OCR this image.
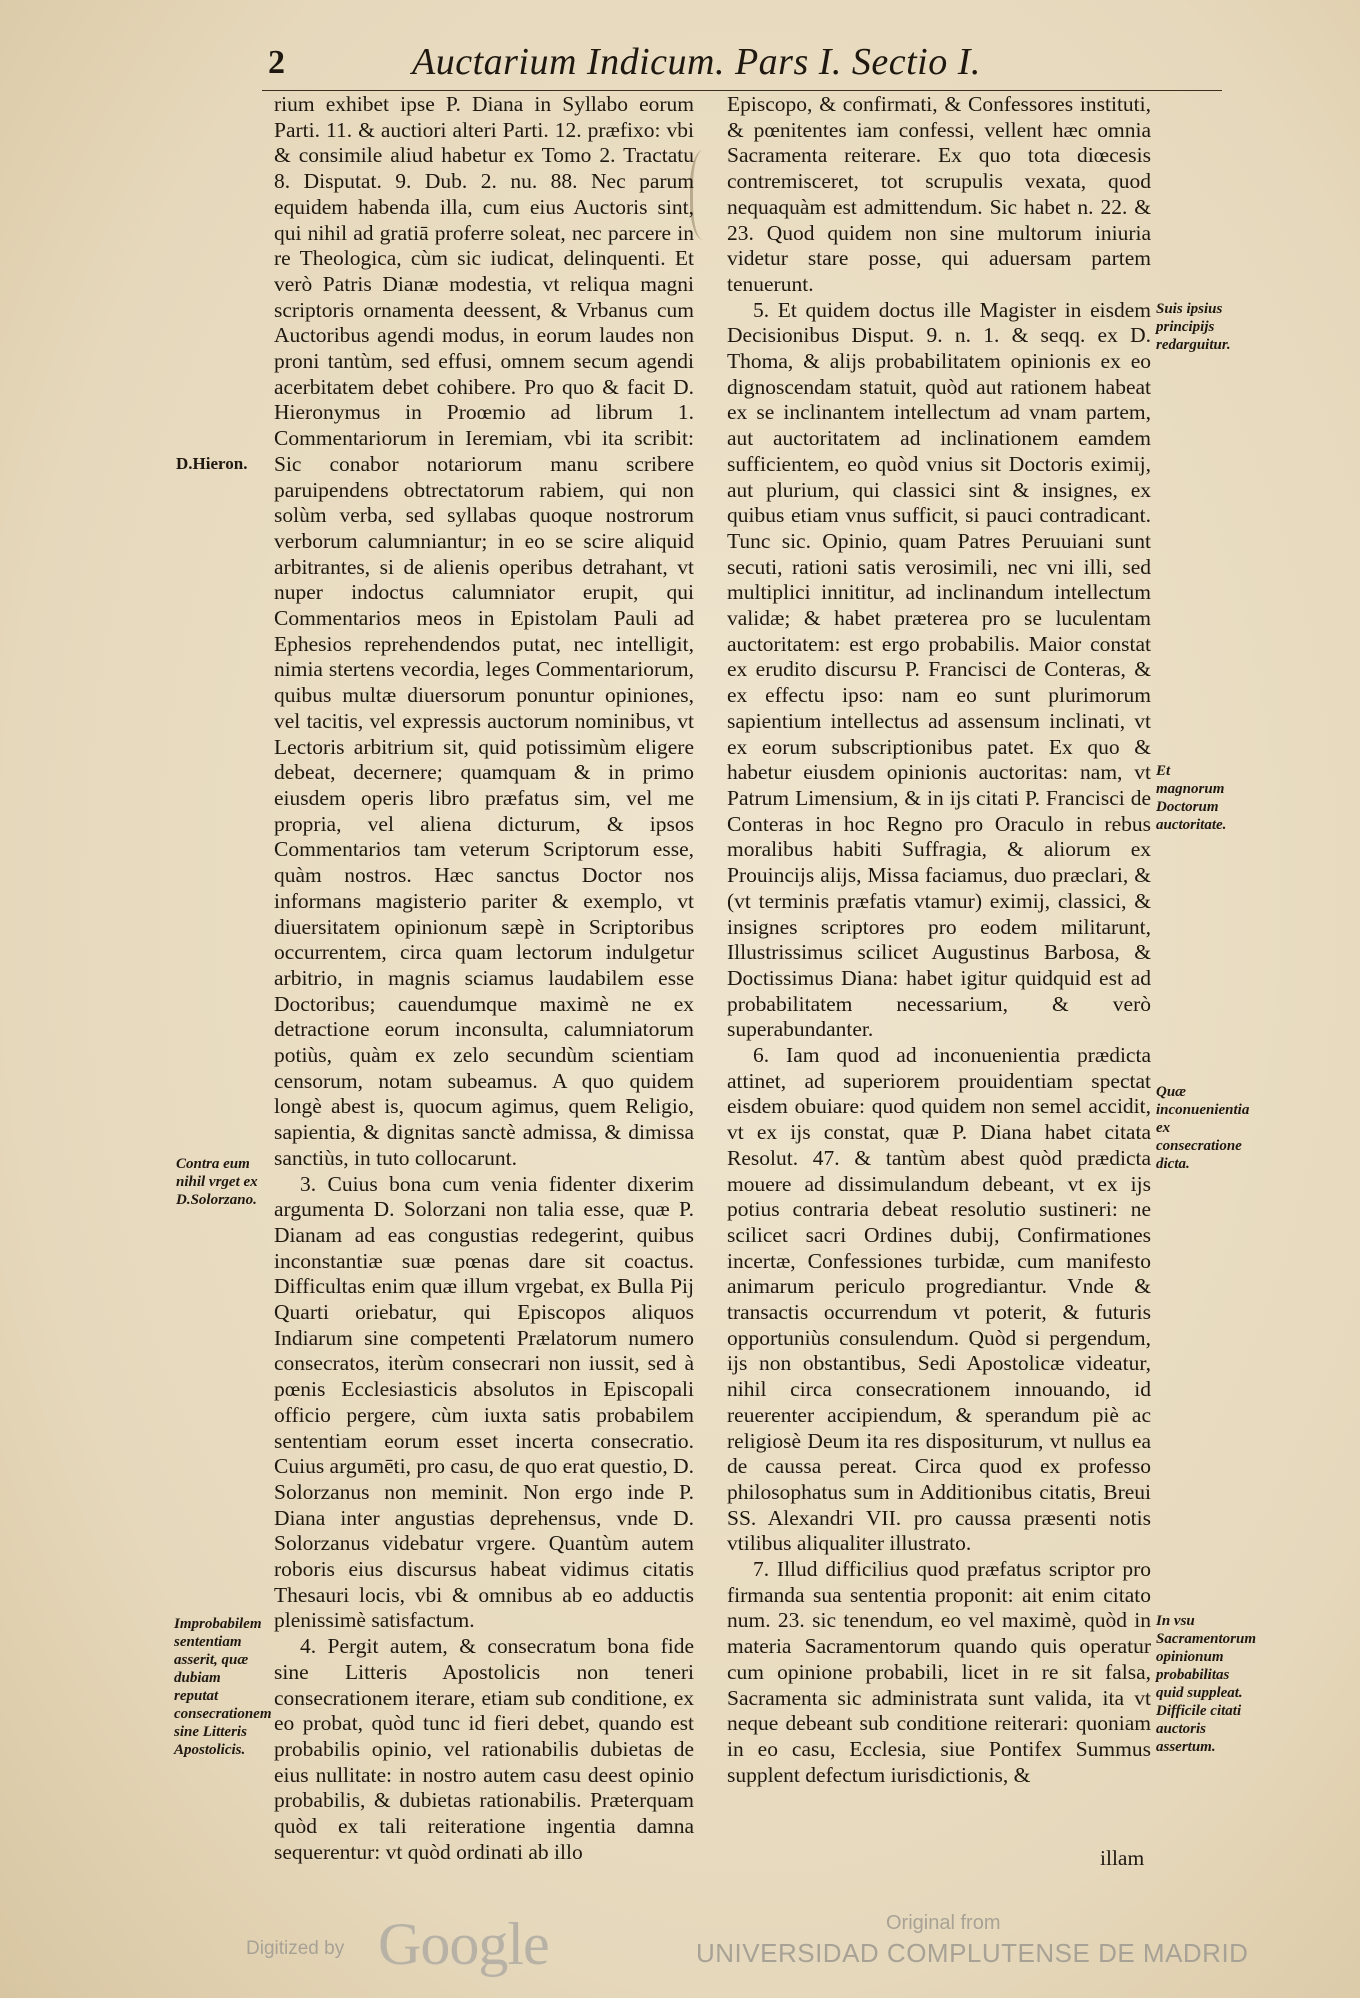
2	Auctarium Indicum. Pars I. Sectio I.

rium exhibet ipse P. Diana in Syllabo eorum Parti. 11. & auctiori alteri Parti. 12. præfixo: vbi & consimile aliud habetur ex Tomo 2. Tractatu 8. Disputat. 9. Dub. 2. nu. 88. Nec parum equidem habenda illa, cum eius Auctoris sint, qui nihil ad gratiā proferre soleat, nec parcere in re Theologica, cùm sic iudicat, delinquenti. Et verò Patris Dianæ modestia, vt reliqua magni scriptoris ornamenta deessent, & Vrbanus cum Auctoribus agendi modus, in eorum laudes non proni tantùm, sed effusi, omnem secum agendi acerbitatem debet cohibere. Pro quo & facit D. Hieronymus in Proœmio ad librum 1. Commentariorum in Ieremiam, vbi ita scribit: Sic conabor notariorum manu scribere paruipendens obtrectatorum rabiem, qui non solùm verba, sed syllabas quoque nostrorum verborum calumniantur; in eo se scire aliquid arbitrantes, si de alienis operibus detrahant, vt nuper indoctus calumniator erupit, qui Commentarios meos in Epistolam Pauli ad Ephesios reprehendendos putat, nec intelligit, nimia stertens vecordia, leges Commentariorum, quibus multæ diuersorum ponuntur opiniones, vel tacitis, vel expressis auctorum nominibus, vt Lectoris arbitrium sit, quid potissimùm eligere debeat, decernere; quamquam & in primo eiusdem operis libro præfatus sim, vel me propria, vel aliena dicturum, & ipsos Commentarios tam veterum Scriptorum esse, quàm nostros. Hæc sanctus Doctor nos informans magisterio pariter & exemplo, vt diuersitatem opinionum sæpè in Scriptoribus occurrentem, circa quam lectorum indulgetur arbitrio, in magnis sciamus laudabilem esse Doctoribus; cauendumque maximè ne ex detractione eorum inconsulta, calumniatorum potiùs, quàm ex zelo secundùm scientiam censorum, notam subeamus. A quo quidem longè abest is, quocum agimus, quem Religio, sapientia, & dignitas sanctè admissa, & dimissa sanctiùs, in tuto collocarunt.

3. Cuius bona cum venia fidenter dixerim argumenta D. Solorzani non talia esse, quæ P. Dianam ad eas congustias redegerint, quibus inconstantiæ suæ pœnas dare sit coactus. Difficultas enim quæ illum vrgebat, ex Bulla Pij Quarti oriebatur, qui Episcopos aliquos Indiarum sine competenti Prælatorum numero consecratos, iterùm consecrari non iussit, sed à pœnis Ecclesiasticis absolutos in Episcopali officio pergere, cùm iuxta satis probabilem sententiam eorum esset incerta consecratio. Cuius argumēti, pro casu, de quo erat questio, D. Solorzanus non meminit. Non ergo inde P. Diana inter angustias deprehensus, vnde D. Solorzanus videbatur vrgere. Quantùm autem roboris eius discursus habeat vidimus citatis Thesauri locis, vbi & omnibus ab eo adductis plenissimè satisfactum.

4. Pergit autem, & consecratum bona fide sine Litteris Apostolicis non teneri consecrationem iterare, etiam sub conditione, ex eo probat, quòd tunc id fieri debet, quando est probabilis opinio, vel rationabilis dubietas de eius nullitate: in nostro autem casu deest opinio probabilis, & dubietas rationabilis. Præterquam quòd ex tali reiteratione ingentia damna sequerentur: vt quòd ordinati ab illo

Episcopo, & confirmati, & Confessores instituti, & pœnitentes iam confessi, vellent hæc omnia Sacramenta reiterare. Ex quo tota diœcesis contremisceret, tot scrupulis vexata, quod nequaquàm est admittendum. Sic habet n. 22. & 23. Quod quidem non sine multorum iniuria videtur stare posse, qui aduersam partem tenuerunt.

5. Et quidem doctus ille Magister in eisdem Decisionibus Disput. 9. n. 1. & seqq. ex D. Thoma, & alijs probabilitatem opinionis ex eo dignoscendam statuit, quòd aut rationem habeat ex se inclinantem intellectum ad vnam partem, aut auctoritatem ad inclinationem eamdem sufficientem, eo quòd vnius sit Doctoris eximij, aut plurium, qui classici sint & insignes, ex quibus etiam vnus sufficit, si pauci contradicant. Tunc sic. Opinio, quam Patres Peruuiani sunt secuti, rationi satis verosimili, nec vni illi, sed multiplici innititur, ad inclinandum intellectum validæ; & habet præterea pro se luculentam auctoritatem: est ergo probabilis. Maior constat ex erudito discursu P. Francisci de Conteras, & ex effectu ipso: nam eo sunt plurimorum sapientium intellectus ad assensum inclinati, vt ex eorum subscriptionibus patet. Ex quo & habetur eiusdem opinionis auctoritas: nam, vt Patrum Limensium, & in ijs citati P. Francisci de Conteras in hoc Regno pro Oraculo in rebus moralibus habiti Suffragia, & aliorum ex Prouincijs alijs, Missa faciamus, duo præclari, & (vt terminis præfatis vtamur) eximij, classici, & insignes scriptores pro eodem militarunt, Illustrissimus scilicet Augustinus Barbosa, & Doctissimus Diana: habet igitur quidquid est ad probabilitatem necessarium, & verò superabundanter.

6. Iam quod ad inconuenientia prædicta attinet, ad superiorem prouidentiam spectat eisdem obuiare: quod quidem non semel accidit, vt ex ijs constat, quæ P. Diana habet citata Resolut. 47. & tantùm abest quòd prædicta mouere ad dissimulandum debeant, vt ex ijs potius contraria debeat resolutio sustineri: ne scilicet sacri Ordines dubij, Confirmationes incertæ, Confessiones turbidæ, cum manifesto animarum periculo progrediantur. Vnde & transactis occurrendum vt poterit, & futuris opportuniùs consulendum. Quòd si pergendum, ijs non obstantibus, Sedi Apostolicæ videatur, nihil circa consecrationem innouando, id reuerenter accipiendum, & sperandum piè ac religiosè Deum ita res dispositurum, vt nullus ea de caussa pereat. Circa quod ex professo philosophatus sum in Additionibus citatis, Breui SS. Alexandri VII. pro caussa præsenti notis vtilibus aliqualiter illustrato.

7. Illud difficilius quod præfatus scriptor pro firmanda sua sententia proponit: ait enim citato num. 23. sic tenendum, eo vel maximè, quòd in materia Sacramentorum quando quis operatur cum opinione probabili, licet in re sit falsa, Sacramenta sic administrata sunt valida, ita vt neque debeant sub conditione reiterari: quoniam in eo casu, Ecclesia, siue Pontifex Summus supplent defectum iurisdictionis, &

D.Hieron.
Contra eum nihil vrget ex D.Solorzano.
Improbabilem sententiam asserit, quæ dubiam reputat consecrationem sine Litteris Apostolicis.
Suis ipsius principijs redarguitur.
Et magnorum Doctorum auctoritate.
Quæ inconuenientia ex consecratione dicta.
In vsu Sacramentorum opinionum probabilitas quid suppleat. Difficile citati auctoris assertum.
illam
Digitized by Google	Original from
UNIVERSIDAD COMPLUTENSE DE MADRID
